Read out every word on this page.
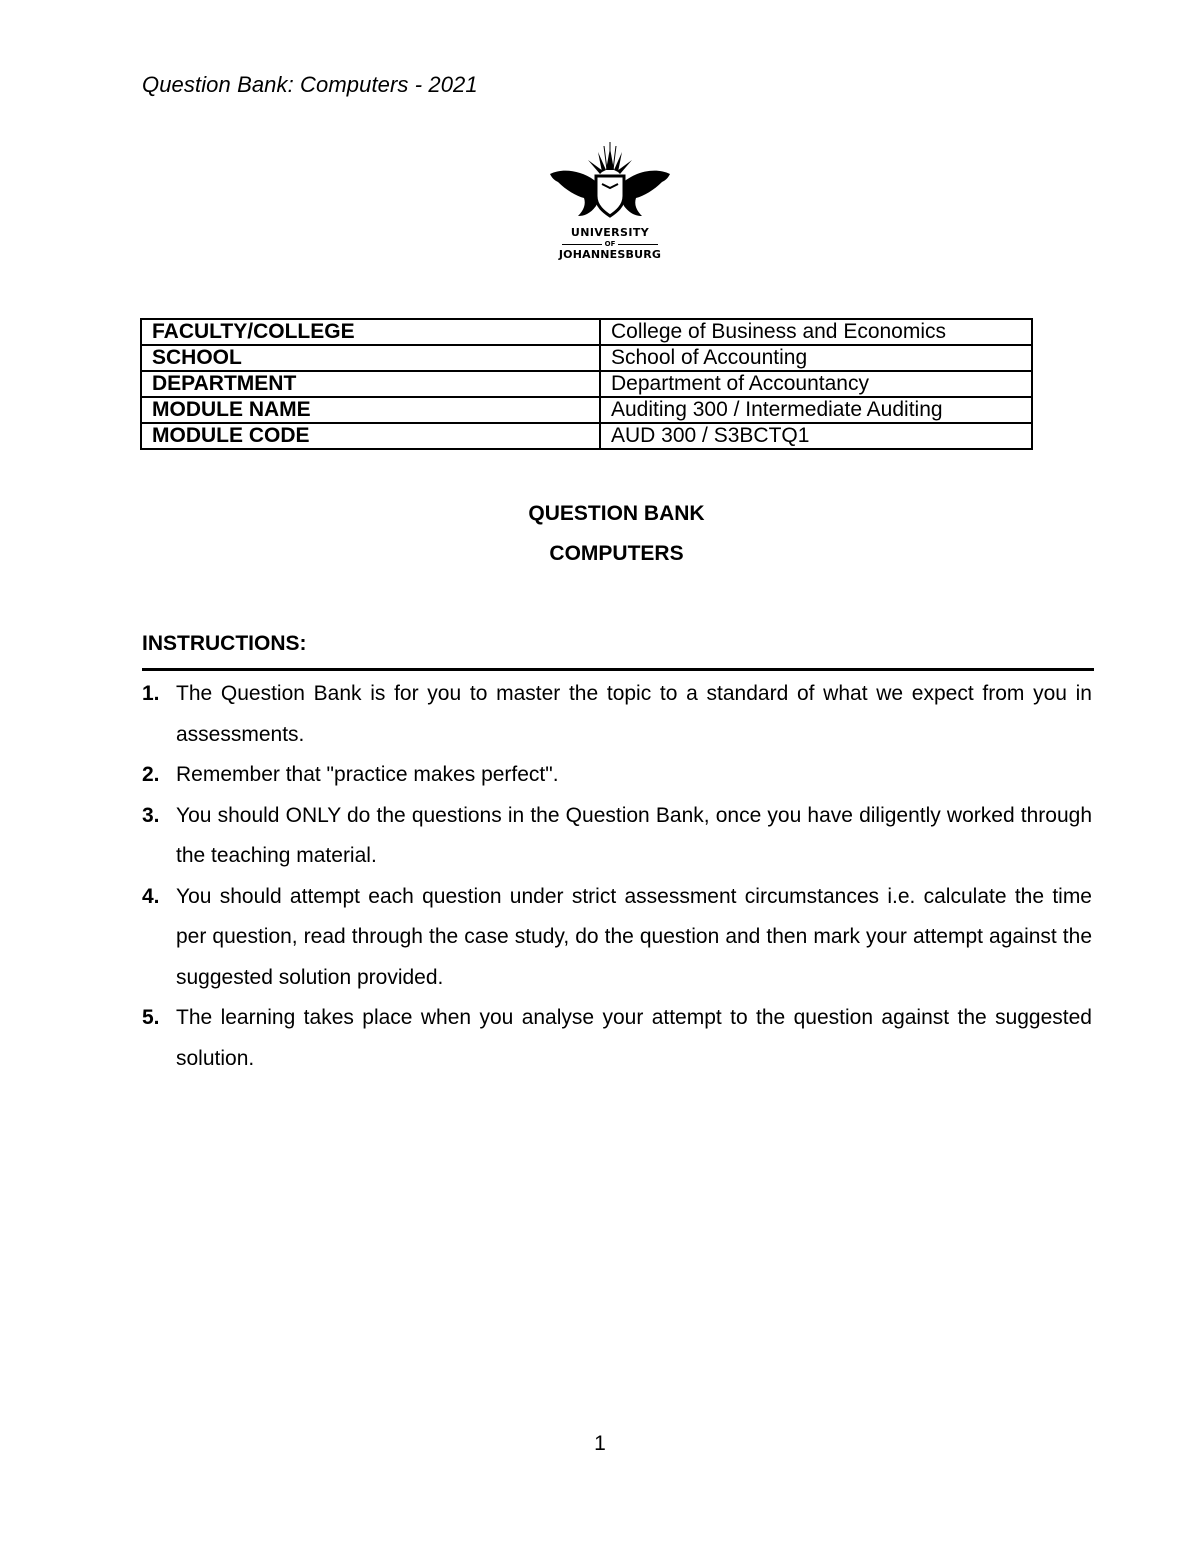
Question Bank: Computers - 2021
UNIVERSITY
OF
JOHANNESBURG
FACULTY/COLLEGE	College of Business and Economics
SCHOOL	School of Accounting
DEPARTMENT	Department of Accountancy
MODULE NAME	Auditing 300 / Intermediate Auditing
MODULE CODE	AUD 300 / S3BCTQ1
QUESTION BANK
COMPUTERS
INSTRUCTIONS:
1. The Question Bank is for you to master the topic to a standard of what we expect from you in assessments.
2. Remember that "practice makes perfect".
3. You should ONLY do the questions in the Question Bank, once you have diligently worked through the teaching material.
4. You should attempt each question under strict assessment circumstances i.e. calculate the time per question, read through the case study, do the question and then mark your attempt against the suggested solution provided.
5. The learning takes place when you analyse your attempt to the question against the suggested solution.
1
